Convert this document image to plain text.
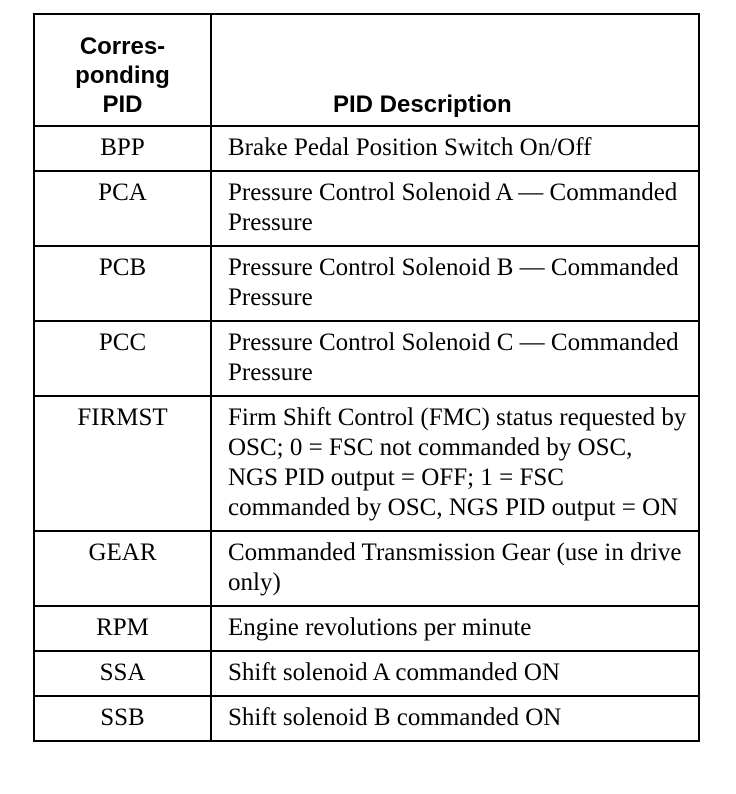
Corres-
ponding
PID	PID Description
BPP	Brake Pedal Position Switch On/Off
PCA	Pressure Control Solenoid A — Commanded Pressure
PCB	Pressure Control Solenoid B — Commanded Pressure
PCC	Pressure Control Solenoid C — Commanded Pressure
FIRMST	Firm Shift Control (FMC) status requested by OSC; 0 = FSC not commanded by OSC, NGS PID output = OFF; 1 = FSC commanded by OSC, NGS PID output = ON
GEAR	Commanded Transmission Gear (use in drive only)
RPM	Engine revolutions per minute
SSA	Shift solenoid A commanded ON
SSB	Shift solenoid B commanded ON
